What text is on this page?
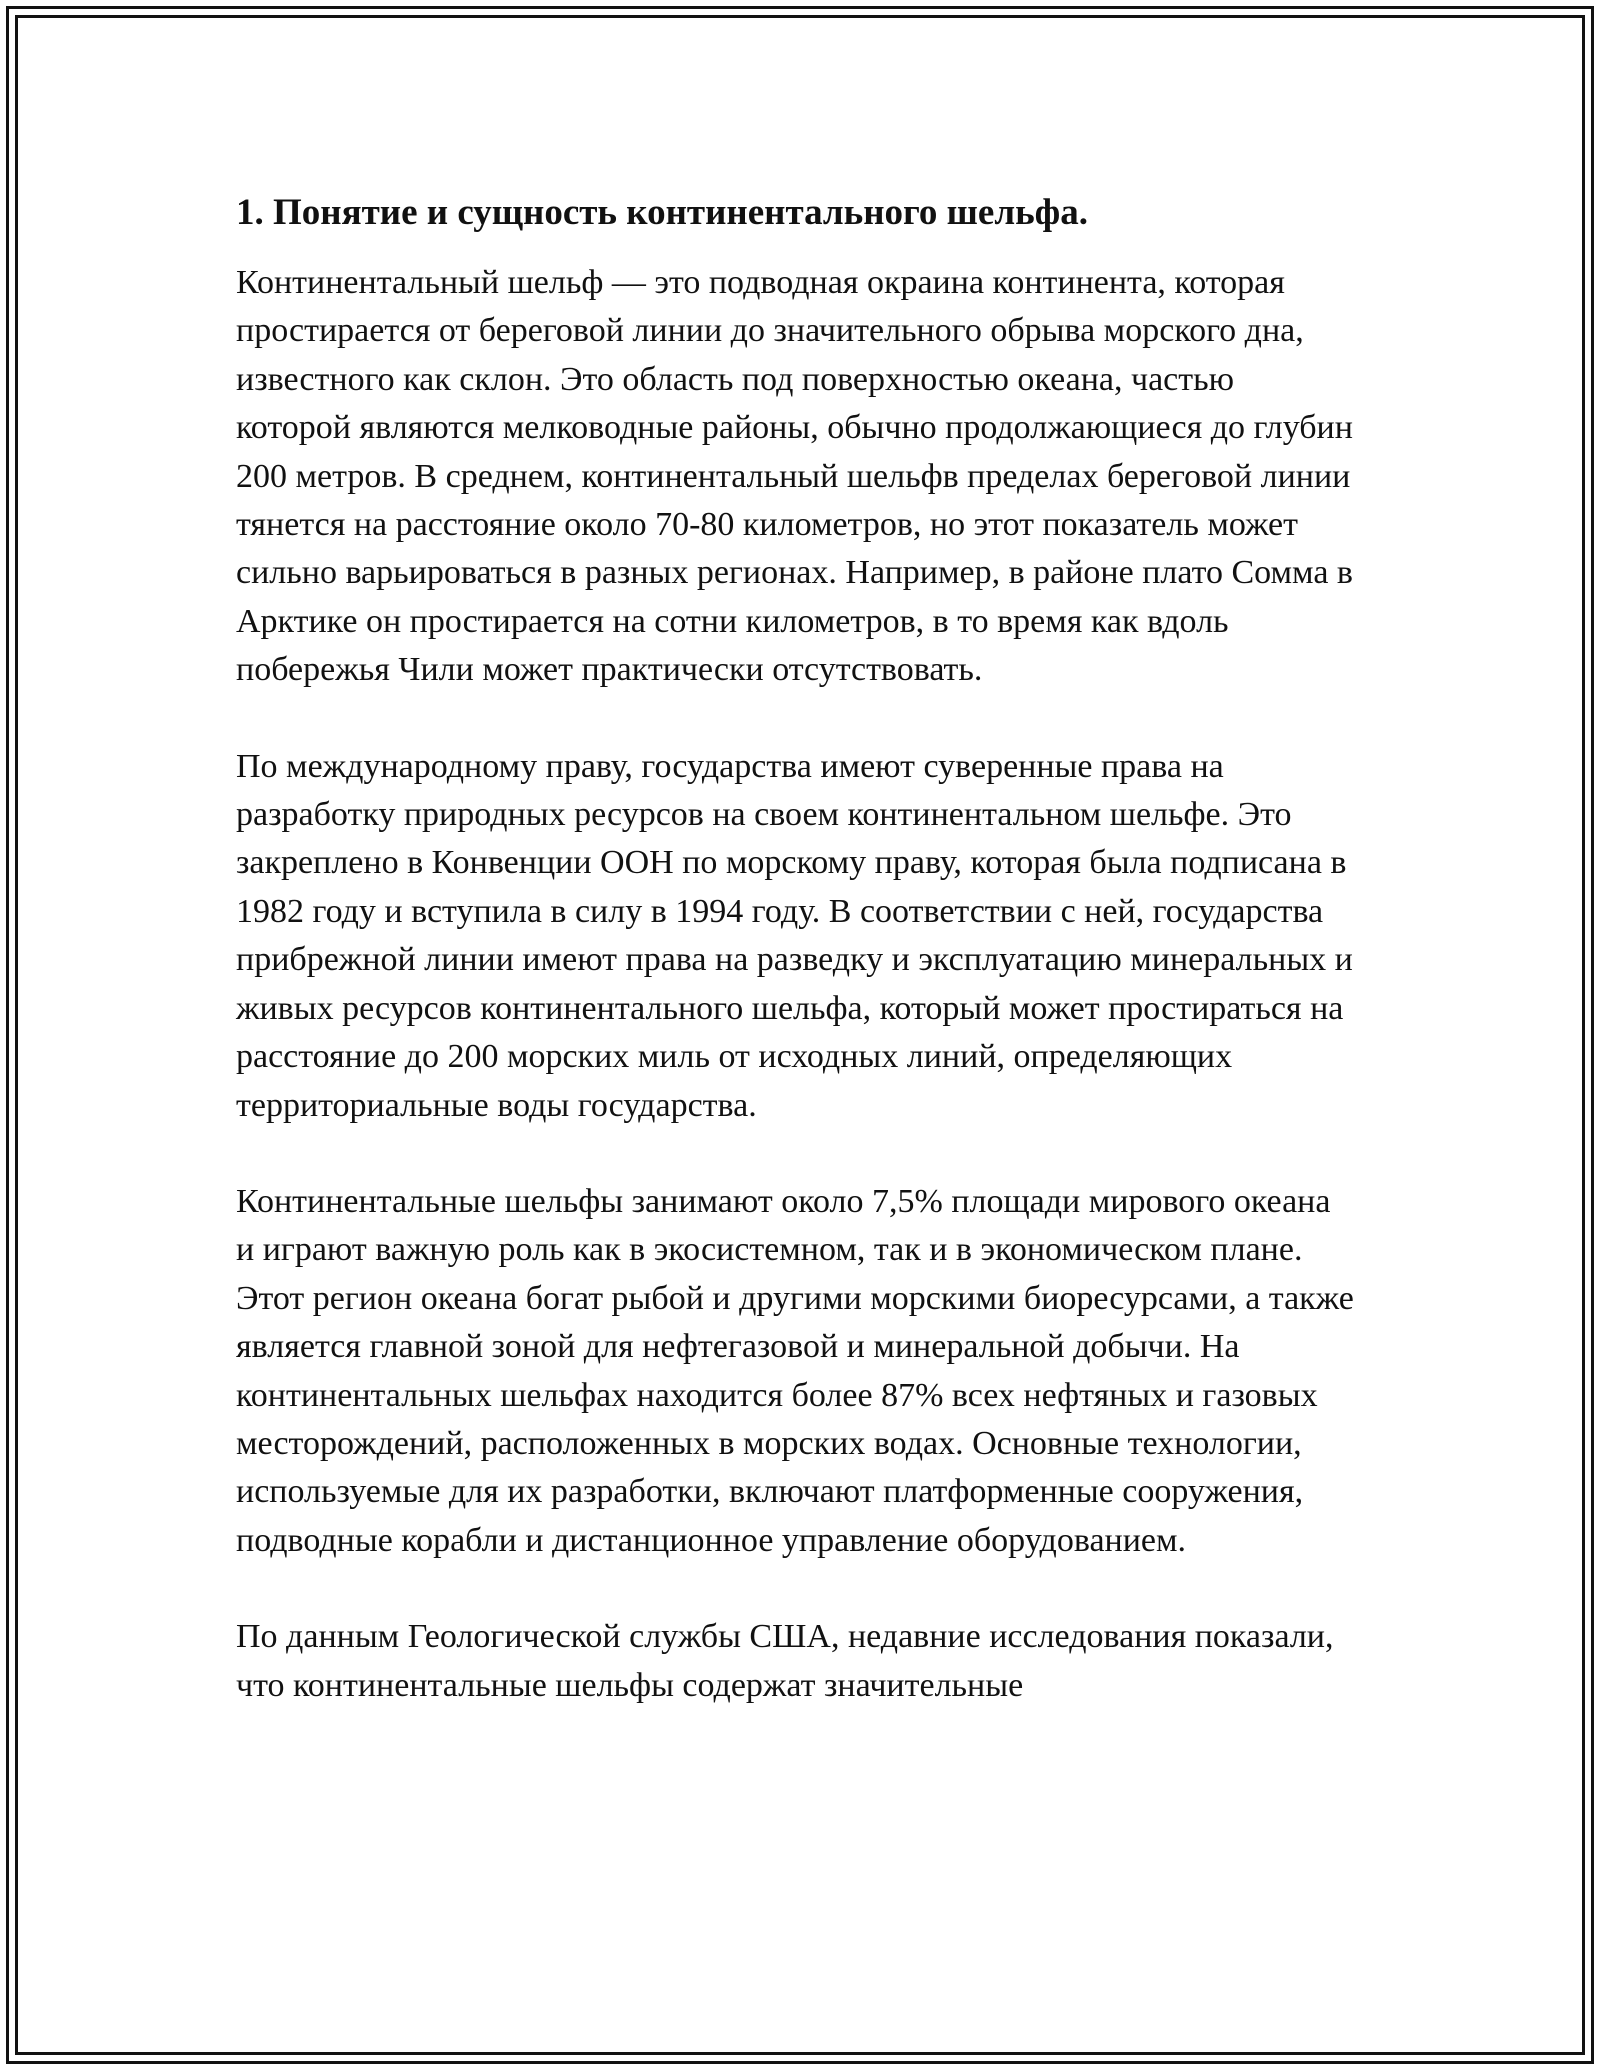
1. Понятие и сущность континентального шельфа.

Континентальный шельф — это подводная окраина континента, которая простирается от береговой линии до значительного обрыва морского дна, известного как склон. Это область под поверхностью океана, частью которой являются мелководные районы, обычно продолжающиеся до глубин 200 метров. В среднем, континентальный шельфв пределах береговой линии тянется на расстояние около 70-80 километров, но этот показатель может сильно варьироваться в разных регионах. Например, в районе плато Сомма в Арктике он простирается на сотни километров, в то время как вдоль побережья Чили может практически отсутствовать.

По международному праву, государства имеют суверенные права на разработку природных ресурсов на своем континентальном шельфе. Это закреплено в Конвенции ООН по морскому праву, которая была подписана в 1982 году и вступила в силу в 1994 году. В соответствии с ней, государства прибрежной линии имеют права на разведку и эксплуатацию минеральных и живых ресурсов континентального шельфа, который может простираться на расстояние до 200 морских миль от исходных линий, определяющих территориальные воды государства.

Континентальные шельфы занимают около 7,5% площади мирового океана и играют важную роль как в экосистемном, так и в экономическом плане. Этот регион океана богат рыбой и другими морскими биоресурсами, а также является главной зоной для нефтегазовой и минеральной добычи. На континентальных шельфах находится более 87% всех нефтяных и газовых месторождений, расположенных в морских водах. Основные технологии, используемые для их разработки, включают платформенные сооружения, подводные корабли и дистанционное управление оборудованием.

По данным Геологической службы США, недавние исследования показали, что континентальные шельфы содержат значительные
